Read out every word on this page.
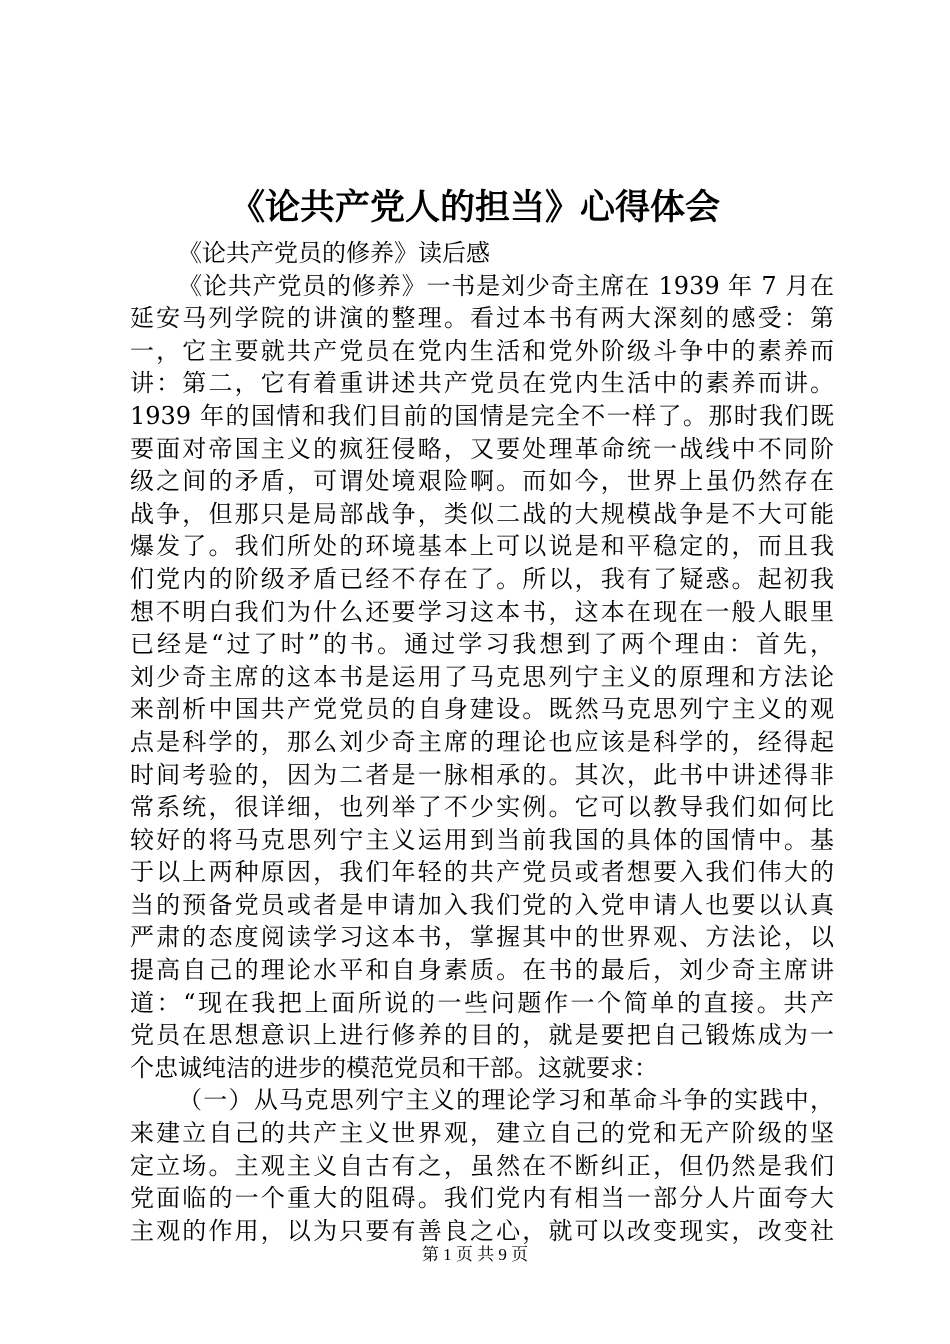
《论共产党人的担当》心得体会

《论共产党员的修养》读后感

《论共产党员的修养》一书是刘少奇主席在 1939 年 7 月在

延安马列学院的讲演的整理。看过本书有两大深刻的感受：第

一，它主要就共产党员在党内生活和党外阶级斗争中的素养而

讲：第二，它有着重讲述共产党员在党内生活中的素养而讲。

1939 年的国情和我们目前的国情是完全不一样了。那时我们既

要面对帝国主义的疯狂侵略，又要处理革命统一战线中不同阶

级之间的矛盾，可谓处境艰险啊。而如今，世界上虽仍然存在

战争，但那只是局部战争，类似二战的大规模战争是不大可能

爆发了。我们所处的环境基本上可以说是和平稳定的，而且我

们党内的阶级矛盾已经不存在了。所以，我有了疑惑。起初我

想不明白我们为什么还要学习这本书，这本在现在一般人眼里

已经是“过了时”的书。通过学习我想到了两个理由：首先，

刘少奇主席的这本书是运用了马克思列宁主义的原理和方法论

来剖析中国共产党党员的自身建设。既然马克思列宁主义的观

点是科学的，那么刘少奇主席的理论也应该是科学的，经得起

时间考验的，因为二者是一脉相承的。其次，此书中讲述得非

常系统，很详细，也列举了不少实例。它可以教导我们如何比

较好的将马克思列宁主义运用到当前我国的具体的国情中。基

于以上两种原因，我们年轻的共产党员或者想要入我们伟大的

当的预备党员或者是申请加入我们党的入党申请人也要以认真

严肃的态度阅读学习这本书，掌握其中的世界观、方法论，以

提高自己的理论水平和自身素质。在书的最后，刘少奇主席讲

道：“现在我把上面所说的一些问题作一个简单的直接。共产

党员在思想意识上进行修养的目的，就是要把自己锻炼成为一

个忠诚纯洁的进步的模范党员和干部。这就要求：

（一）从马克思列宁主义的理论学习和革命斗争的实践中，

来建立自己的共产主义世界观，建立自己的党和无产阶级的坚

定立场。主观主义自古有之，虽然在不断纠正，但仍然是我们

党面临的一个重大的阻碍。我们党内有相当一部分人片面夸大

主观的作用，以为只要有善良之心，就可以改变现实，改变社

第 1 页 共 9 页
